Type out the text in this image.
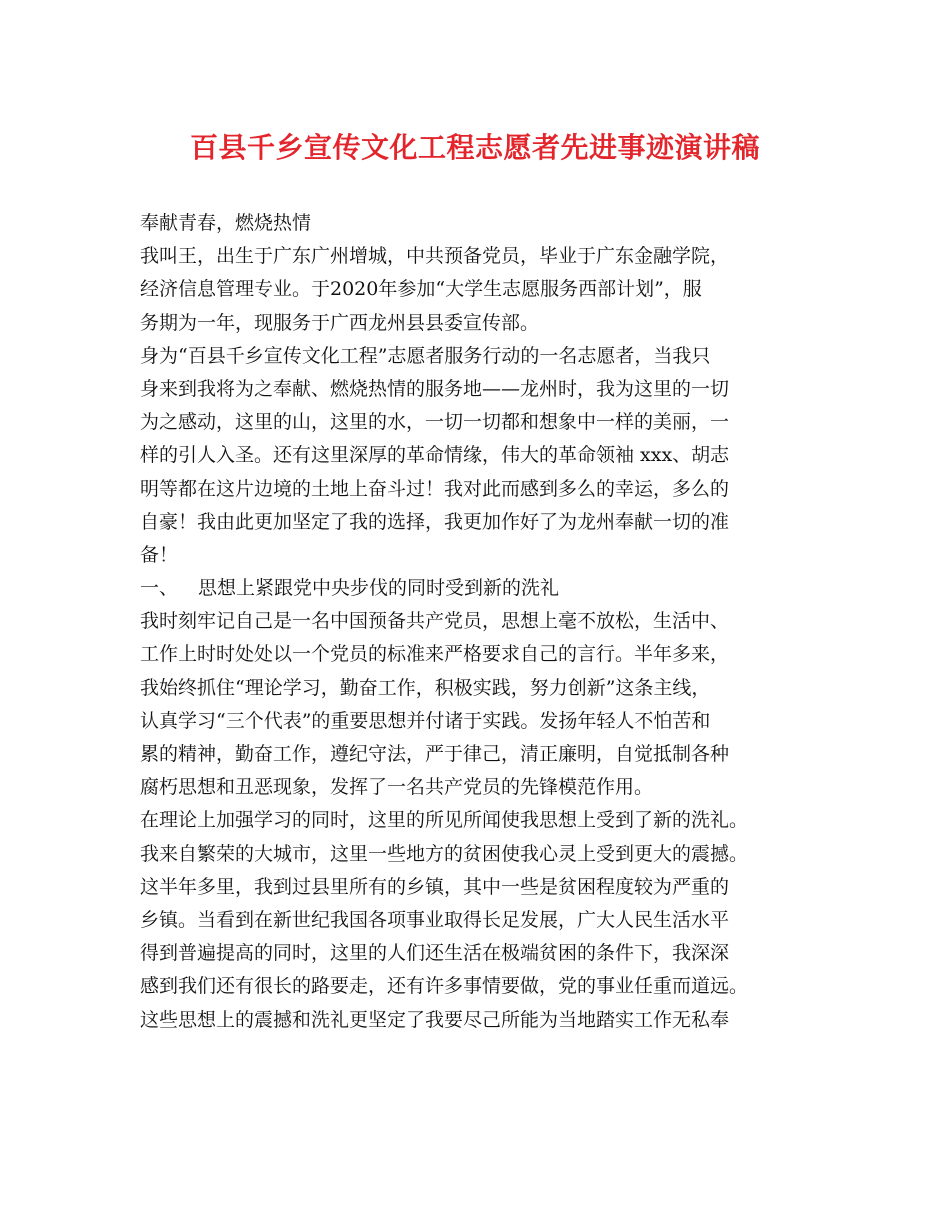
百县千乡宣传文化工程志愿者先进事迹演讲稿
奉献青春，燃烧热情
我叫王，出生于广东广州增城，中共预备党员，毕业于广东金融学院，
经济信息管理专业。于2020年参加“大学生志愿服务西部计划”，服
务期为一年，现服务于广西龙州县县委宣传部。
身为“百县千乡宣传文化工程”志愿者服务行动的一名志愿者，当我只
身来到我将为之奉献、燃烧热情的服务地——龙州时，我为这里的一切
为之感动，这里的山，这里的水，一切一切都和想象中一样的美丽，一
样的引人入圣。还有这里深厚的革命情缘，伟大的革命领袖 xxx、胡志
明等都在这片边境的土地上奋斗过！我对此而感到多么的幸运，多么的
自豪！我由此更加坚定了我的选择，我更加作好了为龙州奉献一切的准
备！
一、 思想上紧跟党中央步伐的同时受到新的洗礼
我时刻牢记自己是一名中国预备共产党员，思想上毫不放松，生活中、
工作上时时处处以一个党员的标准来严格要求自己的言行。半年多来，
我始终抓住“理论学习，勤奋工作，积极实践，努力创新”这条主线，
认真学习“三个代表”的重要思想并付诸于实践。发扬年轻人不怕苦和
累的精神，勤奋工作，遵纪守法，严于律己，清正廉明，自觉抵制各种
腐朽思想和丑恶现象，发挥了一名共产党员的先锋模范作用。
在理论上加强学习的同时，这里的所见所闻使我思想上受到了新的洗礼。
我来自繁荣的大城市，这里一些地方的贫困使我心灵上受到更大的震撼。
这半年多里，我到过县里所有的乡镇，其中一些是贫困程度较为严重的
乡镇。当看到在新世纪我国各项事业取得长足发展，广大人民生活水平
得到普遍提高的同时，这里的人们还生活在极端贫困的条件下，我深深
感到我们还有很长的路要走，还有许多事情要做，党的事业任重而道远。
这些思想上的震撼和洗礼更坚定了我要尽己所能为当地踏实工作无私奉
